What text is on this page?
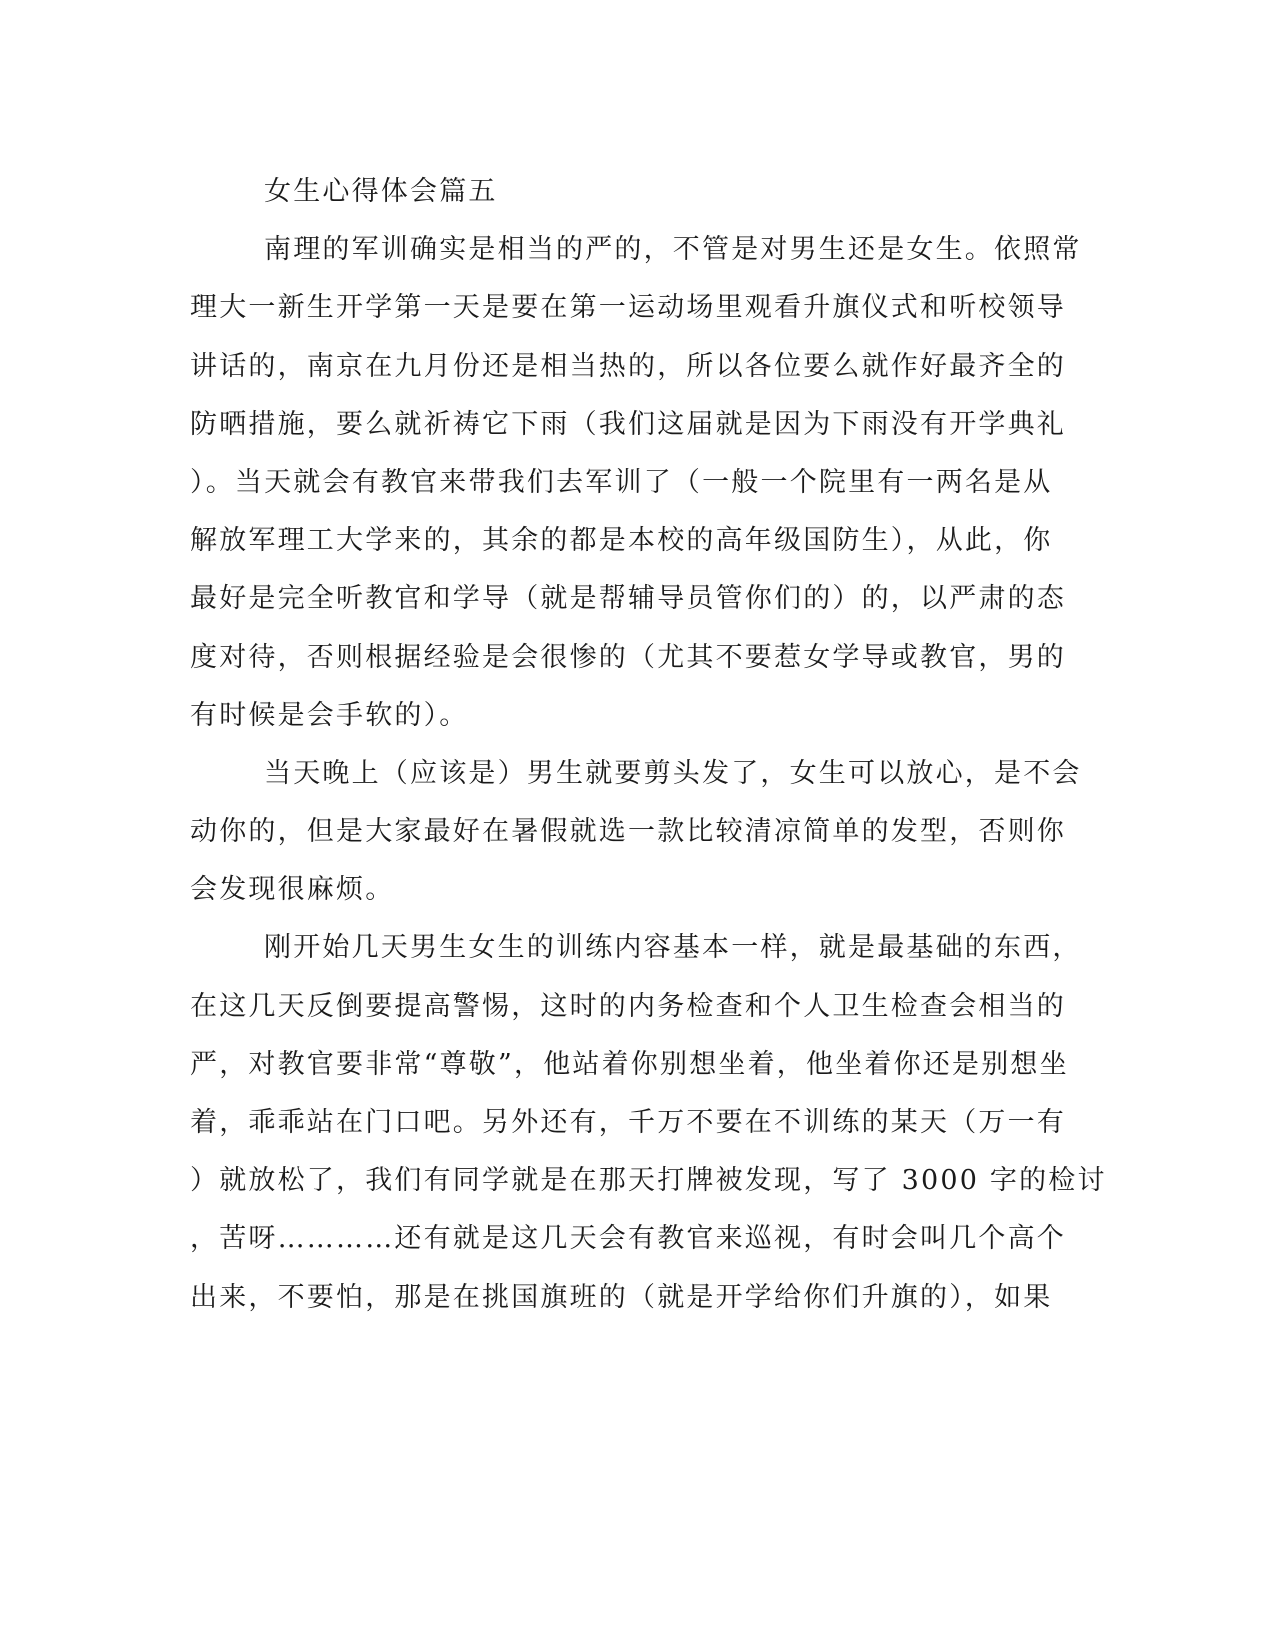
女生心得体会篇五
南理的军训确实是相当的严的，不管是对男生还是女生。依照常
理大一新生开学第一天是要在第一运动场里观看升旗仪式和听校领导
讲话的，南京在九月份还是相当热的，所以各位要么就作好最齐全的
防晒措施，要么就祈祷它下雨（我们这届就是因为下雨没有开学典礼
）。当天就会有教官来带我们去军训了（一般一个院里有一两名是从
解放军理工大学来的，其余的都是本校的高年级国防生），从此，你
最好是完全听教官和学导（就是帮辅导员管你们的）的，以严肃的态
度对待，否则根据经验是会很惨的（尤其不要惹女学导或教官，男的
有时候是会手软的）。
当天晚上（应该是）男生就要剪头发了，女生可以放心，是不会
动你的，但是大家最好在暑假就选一款比较清凉简单的发型，否则你
会发现很麻烦。
刚开始几天男生女生的训练内容基本一样，就是最基础的东西，
在这几天反倒要提高警惕，这时的内务检查和个人卫生检查会相当的
严，对教官要非常“尊敬”，他站着你别想坐着，他坐着你还是别想坐
着，乖乖站在门口吧。另外还有，千万不要在不训练的某天（万一有
）就放松了，我们有同学就是在那天打牌被发现，写了 3000 字的检讨
，苦呀…………还有就是这几天会有教官来巡视，有时会叫几个高个
出来，不要怕，那是在挑国旗班的（就是开学给你们升旗的），如果
